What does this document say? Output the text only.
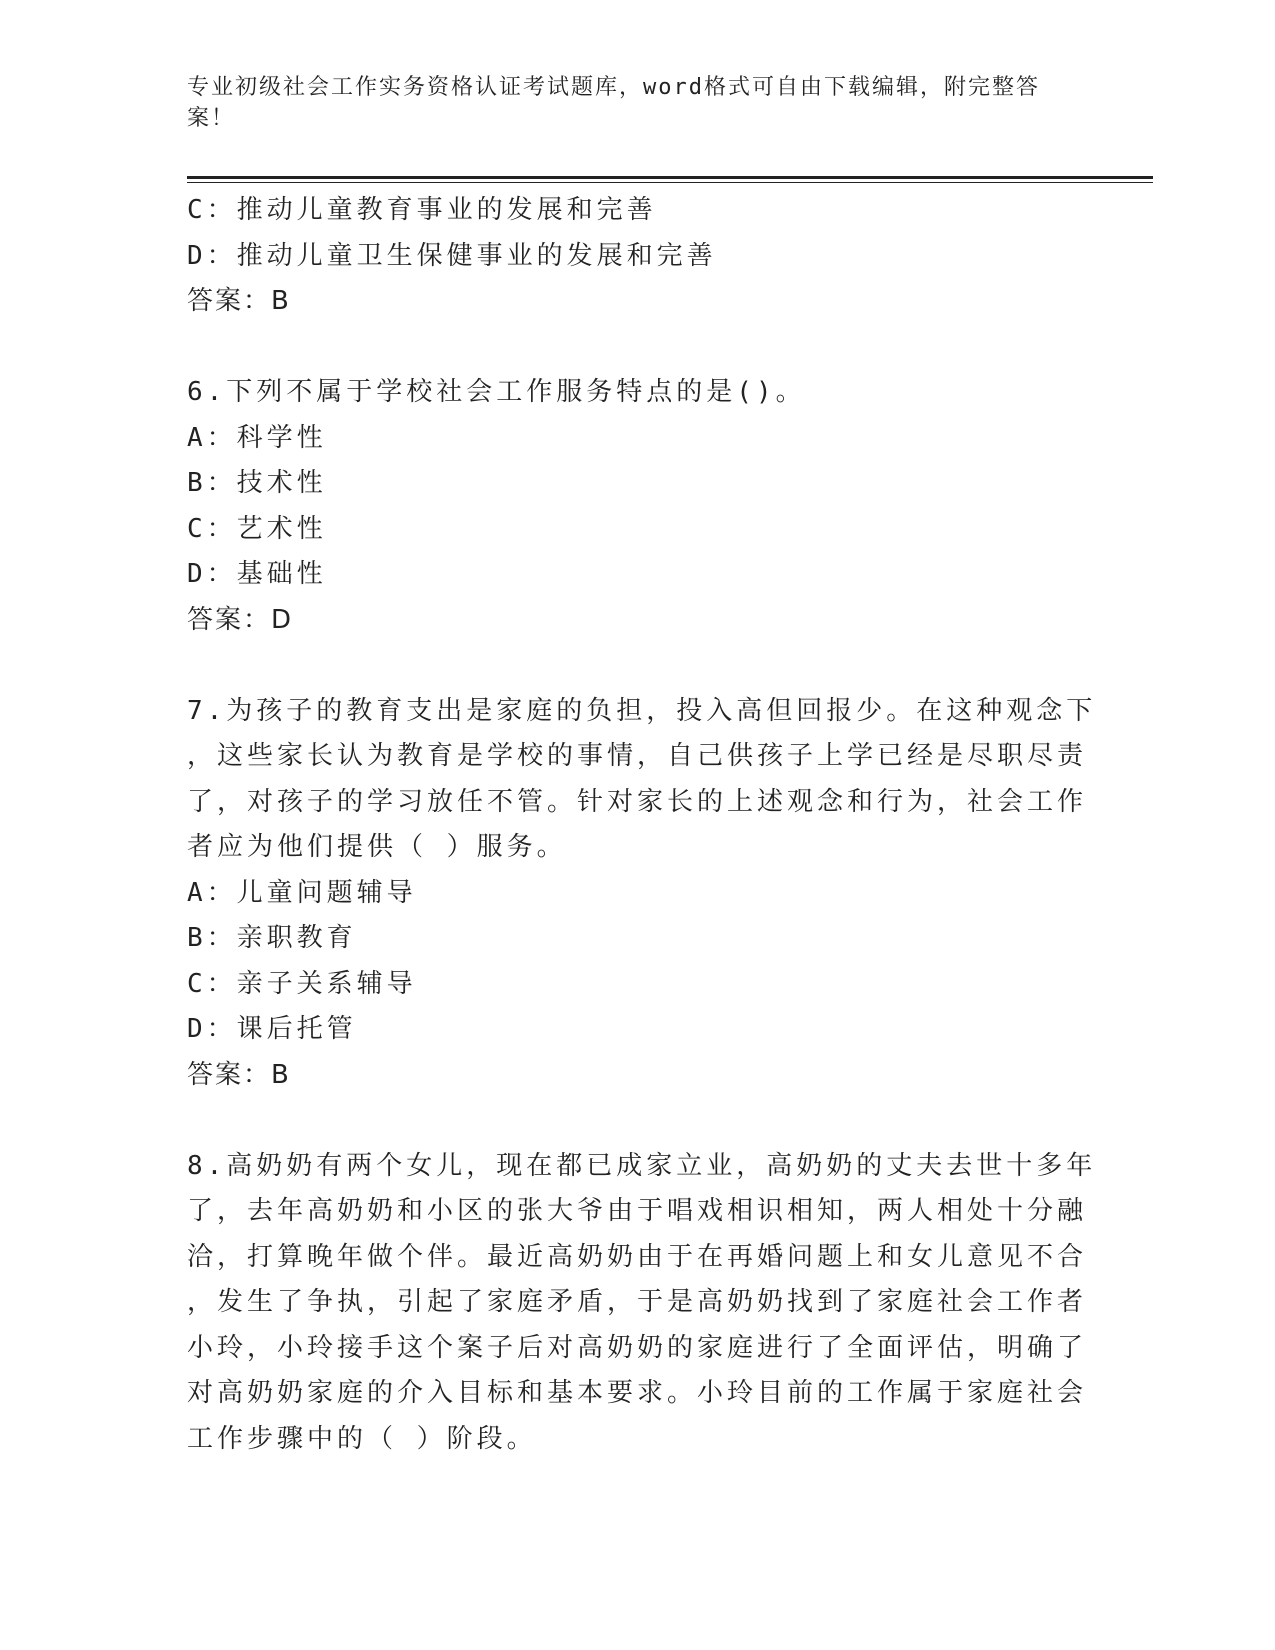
专业初级社会工作实务资格认证考试题库，word格式可自由下载编辑，附完整答案！

C：推动儿童教育事业的发展和完善

D：推动儿童卫生保健事业的发展和完善

答案：B

6.下列不属于学校社会工作服务特点的是()。

A：科学性

B：技术性

C：艺术性

D：基础性

答案：D

7.为孩子的教育支出是家庭的负担，投入高但回报少。在这种观念下

，这些家长认为教育是学校的事情，自己供孩子上学已经是尽职尽责

了，对孩子的学习放任不管。针对家长的上述观念和行为，社会工作

者应为他们提供（ ）服务。

A：儿童问题辅导

B：亲职教育

C：亲子关系辅导

D：课后托管

答案：B

8.高奶奶有两个女儿，现在都已成家立业，高奶奶的丈夫去世十多年

了，去年高奶奶和小区的张大爷由于唱戏相识相知，两人相处十分融

洽，打算晚年做个伴。最近高奶奶由于在再婚问题上和女儿意见不合

，发生了争执，引起了家庭矛盾，于是高奶奶找到了家庭社会工作者

小玲，小玲接手这个案子后对高奶奶的家庭进行了全面评估，明确了

对高奶奶家庭的介入目标和基本要求。小玲目前的工作属于家庭社会

工作步骤中的（ ）阶段。
